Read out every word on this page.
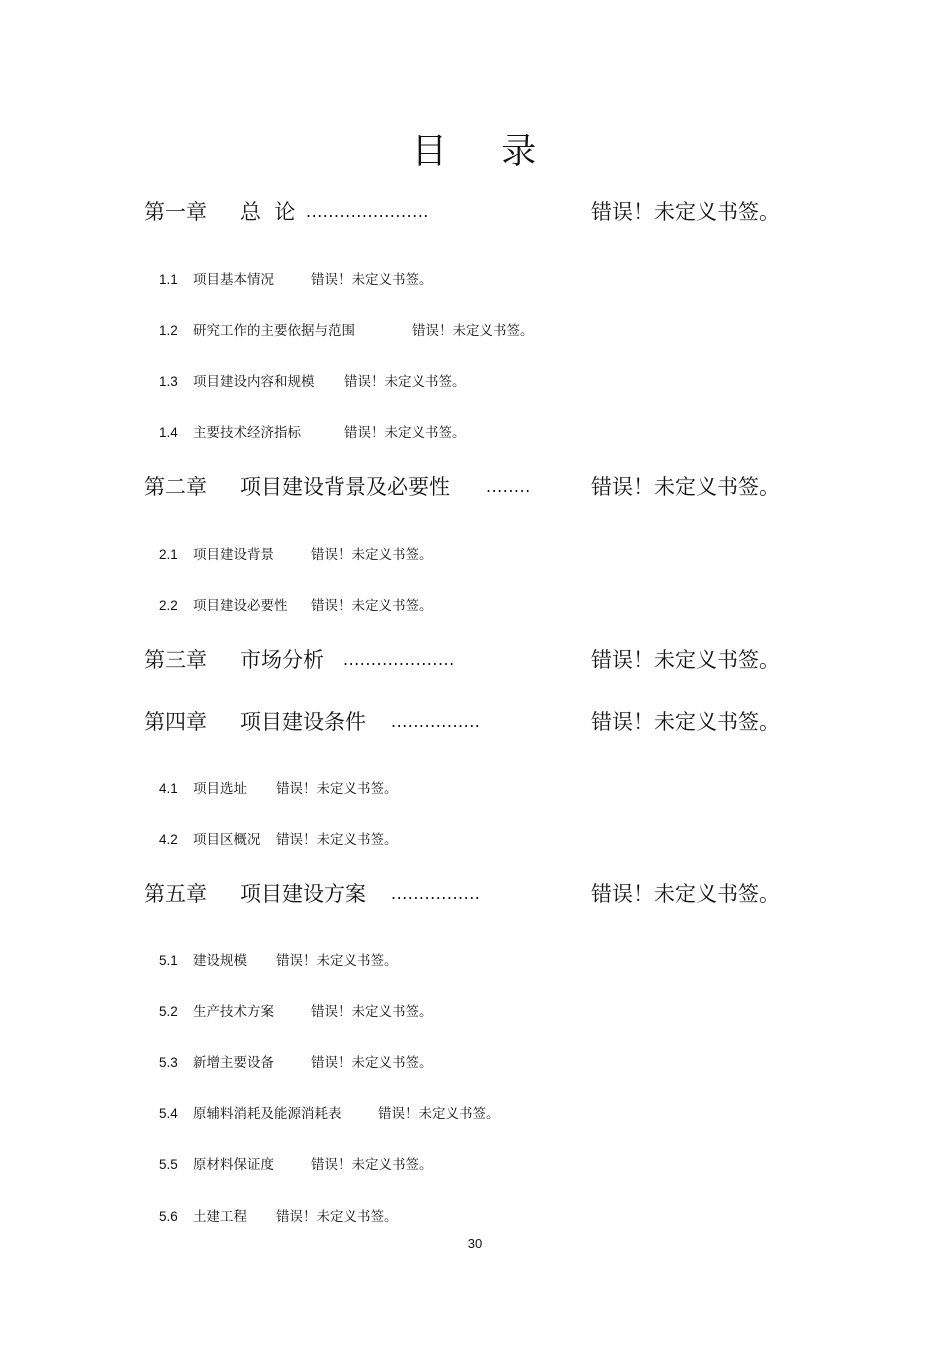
目    录
第一章 总  论 ......................	错误！未定义书签。
1.1 项目基本情况	错误！未定义书签。
1.2 研究工作的主要依据与范围	错误！未定义书签。
1.3 项目建设内容和规模 错误！未定义书签。
1.4 主要技术经济指标	错误！未定义书签。
第二章 项目建设背景及必要性 ........	错误！未定义书签。
2.1 项目建设背景	错误！未定义书签。
2.2 项目建设必要性 错误！未定义书签。
第三章 市场分析 ....................	错误！未定义书签。
第四章 项目建设条件 ................	错误！未定义书签。
4.1 项目选址 错误！未定义书签。
4.2 项目区概况 错误！未定义书签。
第五章 项目建设方案 ................	错误！未定义书签。
5.1 建设规模 错误！未定义书签。
5.2 生产技术方案	错误！未定义书签。
5.3 新增主要设备	错误！未定义书签。
5.4 原辅料消耗及能源消耗表	错误！未定义书签。
5.5 原材料保证度	错误！未定义书签。
5.6 土建工程 错误！未定义书签。
30
